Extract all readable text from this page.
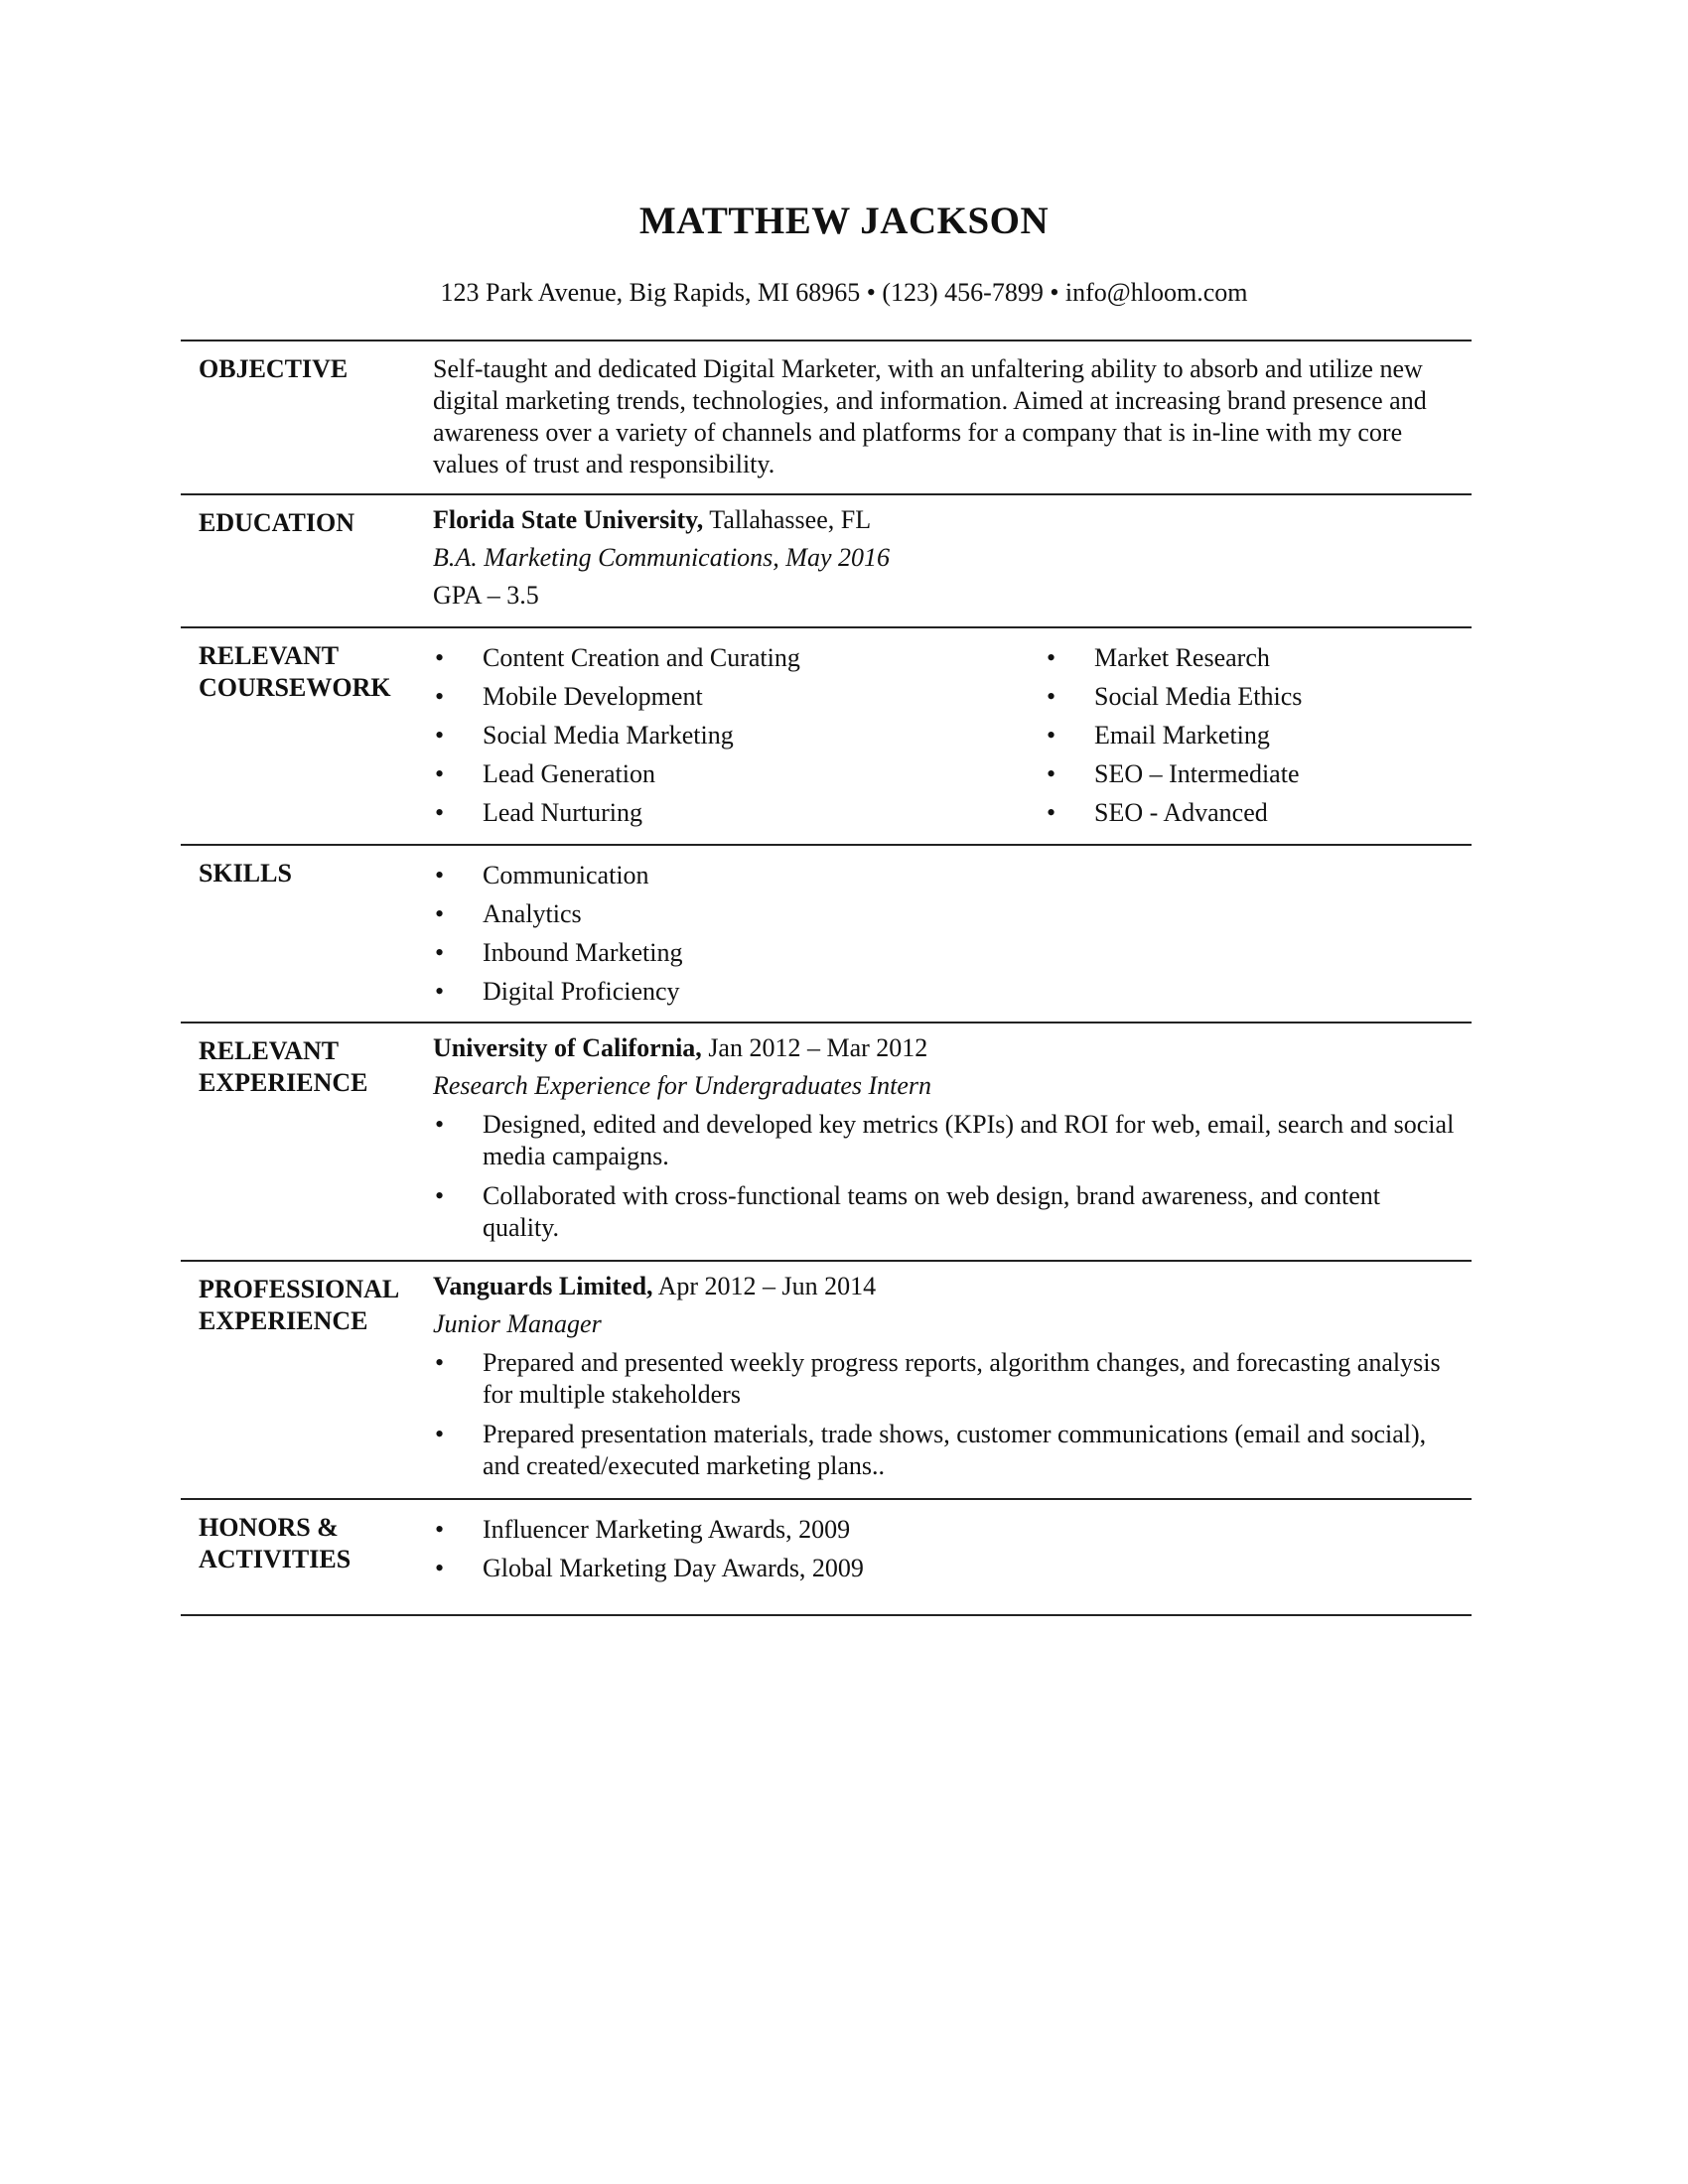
MATTHEW JACKSON
123 Park Avenue, Big Rapids, MI 68965 • (123) 456-7899 • info@hloom.com
OBJECTIVE	Self-taught and dedicated Digital Marketer, with an unfaltering ability to absorb and utilize new digital marketing trends, technologies, and information. Aimed at increasing brand presence and awareness over a variety of channels and platforms for a company that is in-line with my core values of trust and responsibility.
EDUCATION	Florida State University, Tallahassee, FL
B.A. Marketing Communications, May 2016
GPA – 3.5
RELEVANT
COURSEWORK
• Content Creation and Curating
• Mobile Development
• Social Media Marketing
• Lead Generation
• Lead Nurturing
• Market Research
• Social Media Ethics
• Email Marketing
• SEO – Intermediate
• SEO - Advanced
SKILLS
•	Communication
• Analytics
• Inbound Marketing
• Digital Proficiency
RELEVANT
EXPERIENCE
University of California, Jan 2012 – Mar 2012
Research Experience for Undergraduates Intern
• Designed, edited and developed key metrics (KPIs) and ROI for web, email, search and social media campaigns.
• Collaborated with cross-functional teams on web design, brand awareness, and content quality.
PROFESSIONAL
EXPERIENCE
Vanguards Limited, Apr 2012 – Jun 2014
Junior Manager
• Prepared and presented weekly progress reports, algorithm changes, and forecasting analysis for multiple stakeholders
• Prepared presentation materials, trade shows, customer communications (email and social), and created/executed marketing plans..
HONORS &
ACTIVITIES
• Influencer Marketing Awards, 2009
• Global Marketing Day Awards, 2009
